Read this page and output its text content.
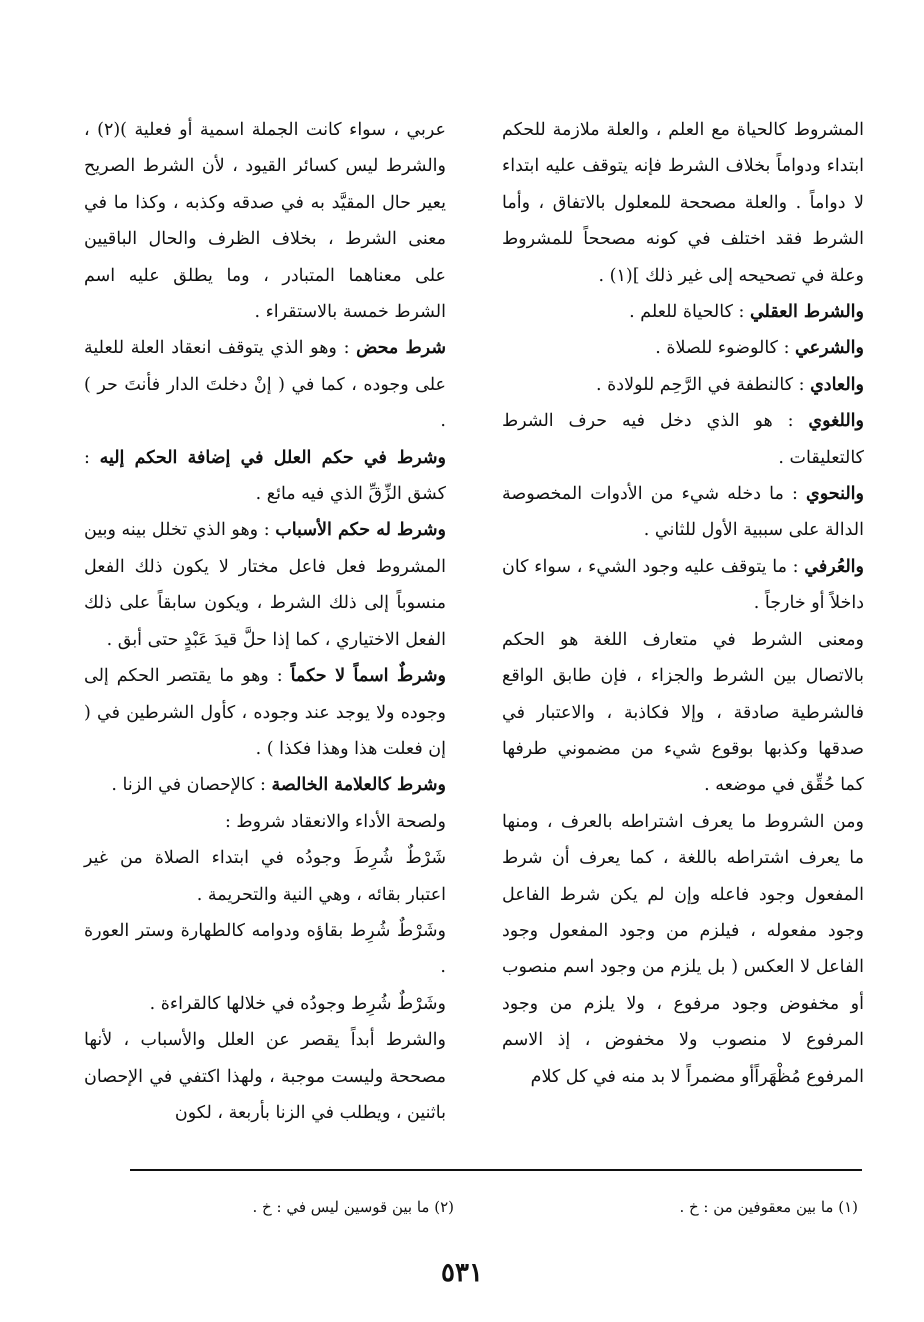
المشروط كالحياة مع العلم ، والعلة ملازمة للحكم ابتداء ودواماً بخلاف الشرط فإنه يتوقف عليه ابتداء لا دواماً . والعلة مصححة للمعلول بالاتفاق ، وأما الشرط فقد اختلف في كونه مصححاً للمشروط وعلة في تصحيحه إلى غير ذلك ](١) .

والشرط العقلي : كالحياة للعلم .

والشرعي : كالوضوء للصلاة .

والعادي : كالنطفة في الرَّحِم للولادة .

واللغوي : هو الذي دخل فيه حرف الشرط كالتعليقات .

والنحوي : ما دخله شيء من الأدوات المخصوصة الدالة على سببية الأول للثاني .

والعُرفي : ما يتوقف عليه وجود الشيء ، سواء كان داخلاً أو خارجاً .

ومعنى الشرط في متعارف اللغة هو الحكم بالاتصال بين الشرط والجزاء ، فإن طابق الواقع فالشرطية صادقة ، وإلا فكاذبة ، والاعتبار في صدقها وكذبها بوقوع شيء من مضموني طرفها كما حُقِّق في موضعه .

ومن الشروط ما يعرف اشتراطه بالعرف ، ومنها ما يعرف اشتراطه باللغة ، كما يعرف أن شرط المفعول وجود فاعله وإن لم يكن شرط الفاعل وجود مفعوله ، فيلزم من وجود المفعول وجود الفاعل لا العكس ( بل يلزم من وجود اسم منصوب أو مخفوض وجود مرفوع ، ولا يلزم من وجود المرفوع لا منصوب ولا مخفوض ، إذ الاسم المرفوع مُظْهَراًأو مضمراً لا بد منه في كل كلام

عربي ، سواء كانت الجملة اسمية أو فعلية )(٢) ، والشرط ليس كسائر القيود ، لأن الشرط الصريح يعير حال المقيَّد به في صدقه وكذبه ، وكذا ما في معنى الشرط ، بخلاف الظرف والحال الباقيين على معناهما المتبادر ، وما يطلق عليه اسم الشرط خمسة بالاستقراء .

شرط محض : وهو الذي يتوقف انعقاد العلة للعلية على وجوده ، كما في ( إنْ دخلتَ الدار فأنتَ حر ) .

وشرط في حكم العلل في إضافة الحكم إليه : كشق الزِّقِّ الذي فيه مائع .

وشرط له حكم الأسباب : وهو الذي تخلل بينه وبين المشروط فعل فاعل مختار لا يكون ذلك الفعل منسوباً إلى ذلك الشرط ، ويكون سابقاً على ذلك الفعل الاختياري ، كما إذا حلَّ قيدَ عَبْدٍ حتى أبق .

وشرطٌ اسماً لا حكماً : وهو ما يقتصر الحكم إلى وجوده ولا يوجد عند وجوده ، كأول الشرطين في ( إن فعلت هذا وهذا فكذا ) .

وشرط كالعلامة الخالصة : كالإحصان في الزنا .

ولصحة الأداء والانعقاد شروط :

شَرْطٌ شُرِطَ وجودُه في ابتداء الصلاة من غير اعتبار بقائه ، وهي النية والتحريمة .

وشَرْطٌ شُرِط بقاؤه ودوامه كالطهارة وستر العورة .

وشَرْطٌ شُرِط وجودُه في خلالها كالقراءة .

والشرط أبداً يقصر عن العلل والأسباب ، لأنها مصححة وليست موجبة ، ولهذا اكتفي في الإحصان باثنين ، ويطلب في الزنا بأربعة ، لكون

(١) ما بين معقوفين من : خ .
(٢) ما بين قوسين ليس في : خ .
٥٣١
